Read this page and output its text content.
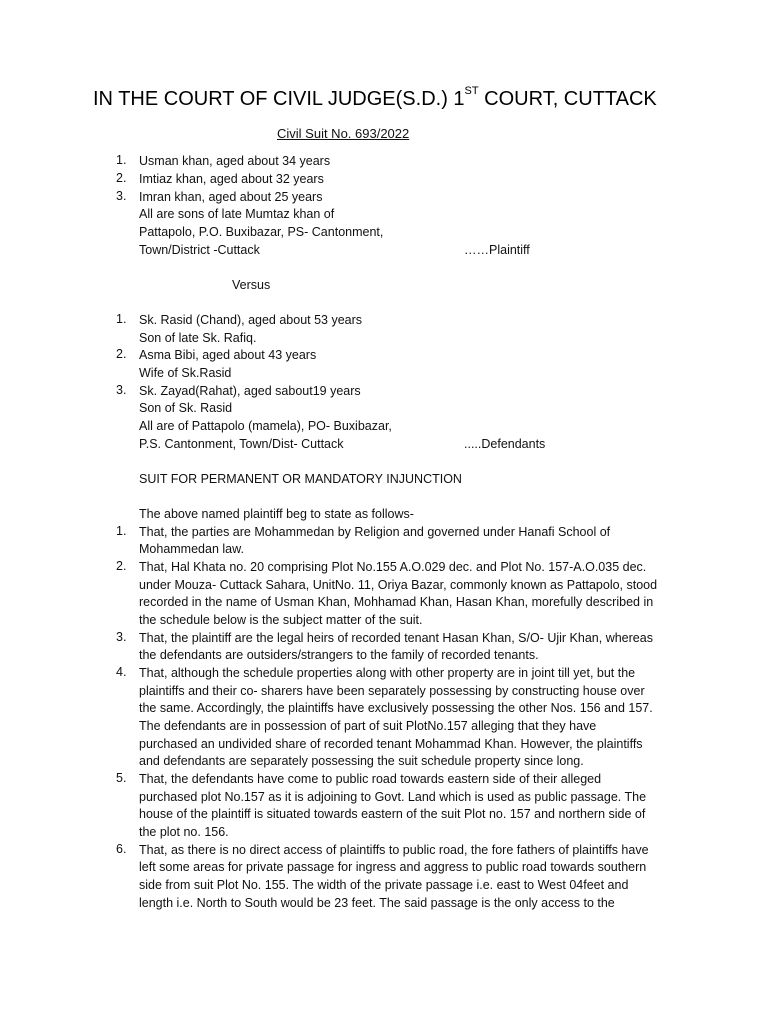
IN THE COURT OF CIVIL JUDGE(S.D.) 1ST COURT, CUTTACK
Civil Suit No. 693/2022
1. Usman khan, aged about 34 years
2. Imtiaz khan, aged about 32 years
3. Imran khan, aged about 25 years
All are sons of late Mumtaz khan of
Pattapolo, P.O. Buxibazar, PS- Cantonment,
Town/District -Cuttack	……Plaintiff
Versus
1. Sk. Rasid (Chand), aged about 53 years
Son of late Sk. Rafiq.
2. Asma Bibi, aged about 43 years
Wife of Sk.Rasid
3. Sk. Zayad(Rahat), aged sabout19 years
Son of Sk. Rasid
All are of Pattapolo (mamela), PO- Buxibazar,
P.S. Cantonment, Town/Dist- Cuttack	.....Defendants
SUIT FOR PERMANENT OR MANDATORY INJUNCTION
The above named plaintiff beg to state as follows-
1. That, the parties are Mohammedan by Religion and governed under Hanafi School of
Mohammedan law.
2. That, Hal Khata no. 20 comprising Plot No.155 A.O.029 dec. and Plot No. 157-A.O.035 dec.
under Mouza- Cuttack Sahara, UnitNo. 11, Oriya Bazar, commonly known as Pattapolo, stood
recorded in the name of Usman Khan, Mohhamad Khan, Hasan Khan, morefully described in
the schedule below is the subject matter of the suit.
3. That, the plaintiff are the legal heirs of recorded tenant Hasan Khan, S/O- Ujir Khan, whereas
the defendants are outsiders/strangers to the family of recorded tenants.
4. That, although the schedule properties along with other property are in joint till yet, but the
plaintiffs and their co- sharers have been separately possessing by constructing house over
the same. Accordingly, the plaintiffs have exclusively possessing the other Nos. 156 and 157.
The defendants are in possession of part of suit PlotNo.157 alleging that they have
purchased an undivided share of recorded tenant Mohammad Khan. However, the plaintiffs
and defendants are separately possessing the suit schedule property since long.
5. That, the defendants have come to public road towards eastern side of their alleged
purchased plot No.157 as it is adjoining to Govt. Land which is used as public passage. The
house of the plaintiff is situated towards eastern of the suit Plot no. 157 and northern side of
the plot no. 156.
6. That, as there is no direct access of plaintiffs to public road, the fore fathers of plaintiffs have
left some areas for private passage for ingress and aggress to public road towards southern
side from suit Plot No. 155. The width of the private passage i.e. east to West 04feet and
length i.e. North to South would be 23 feet. The said passage is the only access to the
